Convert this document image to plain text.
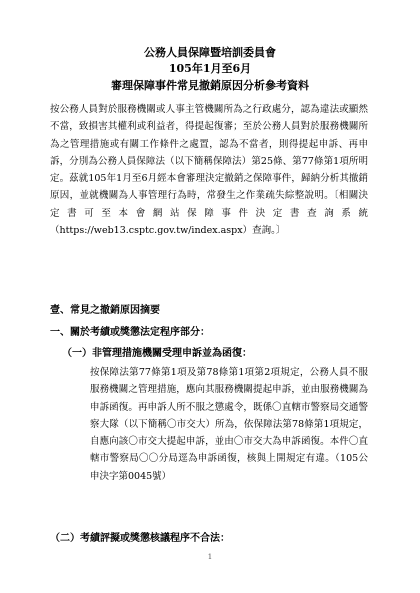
公務人員保障暨培訓委員會
105年1月至6月
審理保障事件常見撤銷原因分析參考資料

按公務人員對於服務機關或人事主管機關所為之行政處分，認為違法或顯然不當，致損害其權利或利益者，得提起復審；至於公務人員對於服務機關所為之管理措施或有關工作條件之處置，認為不當者，則得提起申訴、再申訴，分別為公務人員保障法（以下簡稱保障法）第25條、第77條第1項所明定。茲就105年1月至6月經本會審理決定撤銷之保障事件，歸納分析其撤銷原因，並就機關為人事管理行為時，常發生之作業疏失綜整說明。〔相關決定書可至本會網站保障事件決定書查詢系統（https://web13.csptc.gov.tw/index.aspx）查詢。〕

壹、常見之撤銷原因摘要
一、關於考績或獎懲法定程序部分：
（一）非管理措施機關受理申訴並為函復：

按保障法第77條第1項及第78條第1項第2項規定，公務人員不服服務機關之管理措施，應向其服務機關提起申訴，並由服務機關為申訴函復。再申訴人所不服之懲處令，既係〇直轄市警察局交通警察大隊（以下簡稱〇市交大）所為，依保障法第78條第1項規定，自應向該〇市交大提起申訴，並由〇市交大為申訴函復。本件〇直轄市警察局〇〇分局逕為申訴函復，核與上開規定有違。（105公申決字第0045號）

（二）考績評擬或獎懲核議程序不合法：
1
